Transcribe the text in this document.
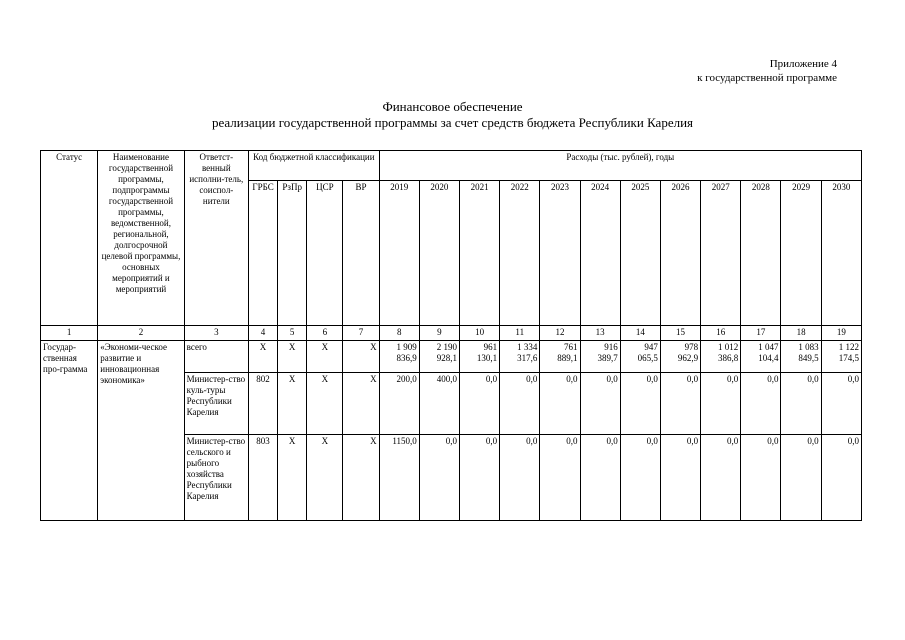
Приложение 4
к государственной программе
Финансовое обеспечение
реализации государственной программы за счет средств бюджета Республики Карелия
Статус	Наименование государственной программы, подпрограммы государственной программы, ведомственной, региональной, долгосрочной целевой программы, основных мероприятий и мероприятий	Ответст-венный исполни-тель, соиспол-нители	Код бюджетной классификации				Расходы (тыс. рублей), годы											
			ГРБС	РзПр	ЦСР	ВР	2019	2020	2021	2022	2023	2024	2025	2026	2027	2028	2029	2030
1	2	3	4	5	6	7	8	9	10	11	12	13	14	15	16	17	18	19
Государ-ственная про-грамма	«Экономи-ческое развитие и инновационная экономика»	всего	Х	Х	Х	Х	1 909 836,9	2 190 928,1	961 130,1	1 334 317,6	761 889,1	916 389,7	947 065,5	978 962,9	1 012 386,8	1 047 104,4	1 083 849,5	1 122 174,5
		Министер-ство куль-туры Республики Карелия	802	Х	Х	Х	200,0	400,0	0,0	0,0	0,0	0,0	0,0	0,0	0,0	0,0	0,0	0,0
		Министер-ство сельского и рыбного хозяйства Республики Карелия	803	Х	Х	Х	1150,0	0,0	0,0	0,0	0,0	0,0	0,0	0,0	0,0	0,0	0,0	0,0
